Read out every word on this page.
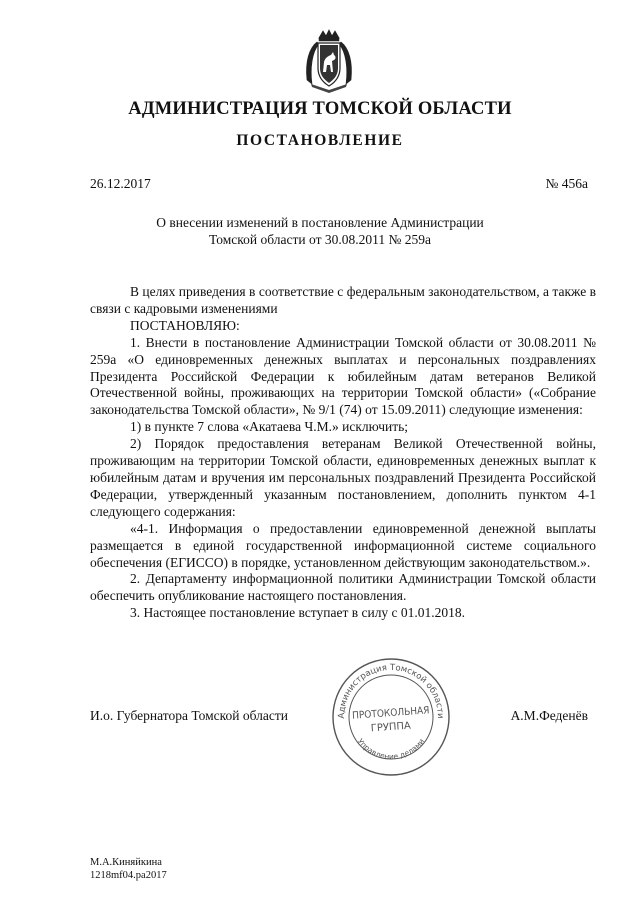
АДМИНИСТРАЦИЯ ТОМСКОЙ ОБЛАСТИ
ПОСТАНОВЛЕНИЕ
26.12.2017	№ 456а
О внесении изменений в постановление Администрации
Томской области от 30.08.2011 № 259а

В целях приведения в соответствие с федеральным законодательством, а также в связи с кадровыми изменениями

ПОСТАНОВЛЯЮ:

1. Внести в постановление Администрации Томской области от 30.08.2011 № 259а «О единовременных денежных выплатах и персональных поздравлениях Президента Российской Федерации к юбилейным датам ветеранов Великой Отечественной войны, проживающих на территории Томской области» («Собрание законодательства Томской области», № 9/1 (74) от 15.09.2011) следующие изменения:

1) в пункте 7 слова «Акатаева Ч.М.» исключить;

2) Порядок предоставления ветеранам Великой Отечественной войны, проживающим на территории Томской области, единовременных денежных выплат к юбилейным датам и вручения им персональных поздравлений Президента Российской Федерации, утвержденный указанным постановлением, дополнить пунктом 4-1 следующего содержания:

«4-1. Информация о предоставлении единовременной денежной выплаты размещается в единой государственной информационной системе социального обеспечения (ЕГИССО) в порядке, установленном действующим законодательством.».

2. Департаменту информационной политики Администрации Томской области обеспечить опубликование настоящего постановления.

3. Настоящее постановление вступает в силу с 01.01.2018.

И.о. Губернатора Томской области	А.М.Феденёв
Администрация Томской области
Управление делами
ПРОТОКОЛЬНАЯ
ГРУППА
М.А.Киняйкина
1218mf04.pa2017
